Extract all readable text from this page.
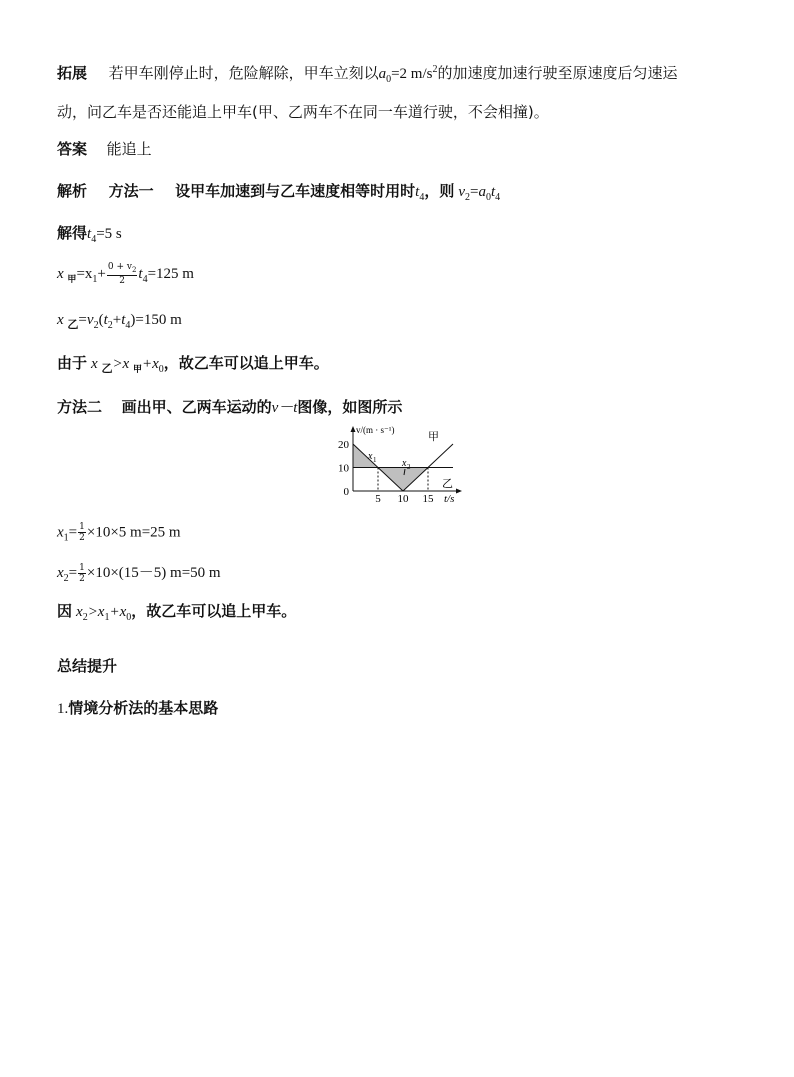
拓展 若甲车刚停止时，危险解除，甲车立刻以$a_0=2$ $m/s^2$的加速度加速行驶至原速度后匀速运
动，问乙车是否还能追上甲车(甲、乙两车不在同一车道行驶，不会相撞)。
答案 能追上
解析 方法一 设甲车加速到与乙车速度相等时用时$t_4$，则 $v_2=a_0t_4$
解得$t_4=5$ s
x $_甲=x_1+ \frac{0 + v_2}{2} t_4=125$ m
x $_乙=v_2(t_2+t_4)=150$ m
由于 x $_乙$>x $_甲+x_0$，故乙车可以追上甲车。
方法二 画出甲、乙两车运动的v－t图像，如图所示
5 10 15
0
10
20
v/(m · s⁻¹)
t/s
甲
乙
x 1	x 2
$x_1= \frac{1}{2} \times 10\times 5$ m=25 m
$x_2= \frac{1}{2} \times 10\times(15-5)$ m=50 m
因 $x_2>x_1+x_0$，故乙车可以追上甲车。
总结提升
1.情境分析法的基本思路
